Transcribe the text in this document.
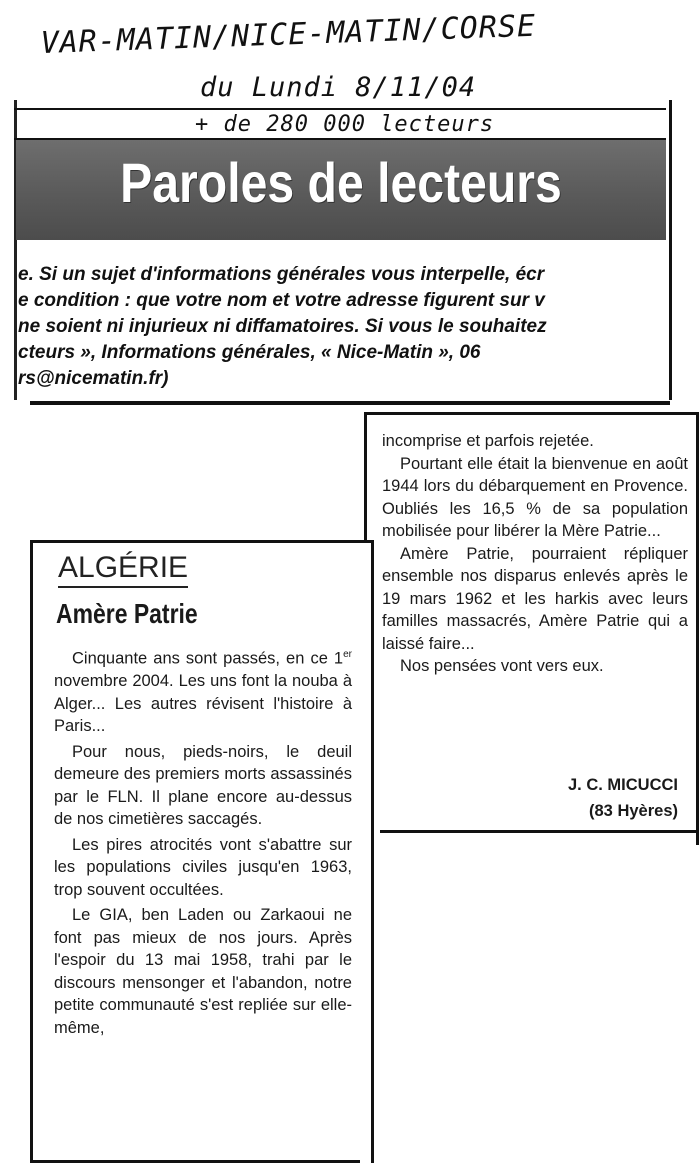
VAR-MATIN/NICE-MATIN/CORSE
du Lundi 8/11/04
+ de 280 000 lecteurs
Paroles de lecteurs
e. Si un sujet d'informations générales vous interpelle, écr
e condition : que votre nom et votre adresse figurent sur v
ne soient ni injurieux ni diffamatoires. Si vous le souhaitez
cteurs », Informations générales, « Nice-Matin », 06
rs@nicematin.fr)

incomprise et parfois rejetée.

Pourtant elle était la bienvenue en août 1944 lors du débarquement en Provence. Oubliés les 16,5 % de sa population mobilisée pour libérer la Mère Patrie...

Amère Patrie, pourraient répliquer ensemble nos disparus enlevés après le 19 mars 1962 et les harkis avec leurs familles massacrés, Amère Patrie qui a laissé faire...

Nos pensées vont vers eux.

J. C. MICUCCI
(83 Hyères)
ALGÉRIE
Amère Patrie

Cinquante ans sont passés, en ce 1er novembre 2004. Les uns font la nouba à Alger... Les autres révisent l'histoire à Paris...

Pour nous, pieds-noirs, le deuil demeure des premiers morts assassinés par le FLN. Il plane encore au-dessus de nos cimetières saccagés.

Les pires atrocités vont s'abattre sur les populations civiles jusqu'en 1963, trop souvent occultées.

Le GIA, ben Laden ou Zarkaoui ne font pas mieux de nos jours. Après l'espoir du 13 mai 1958, trahi par le discours mensonger et l'abandon, notre petite communauté s'est repliée sur elle-même,
